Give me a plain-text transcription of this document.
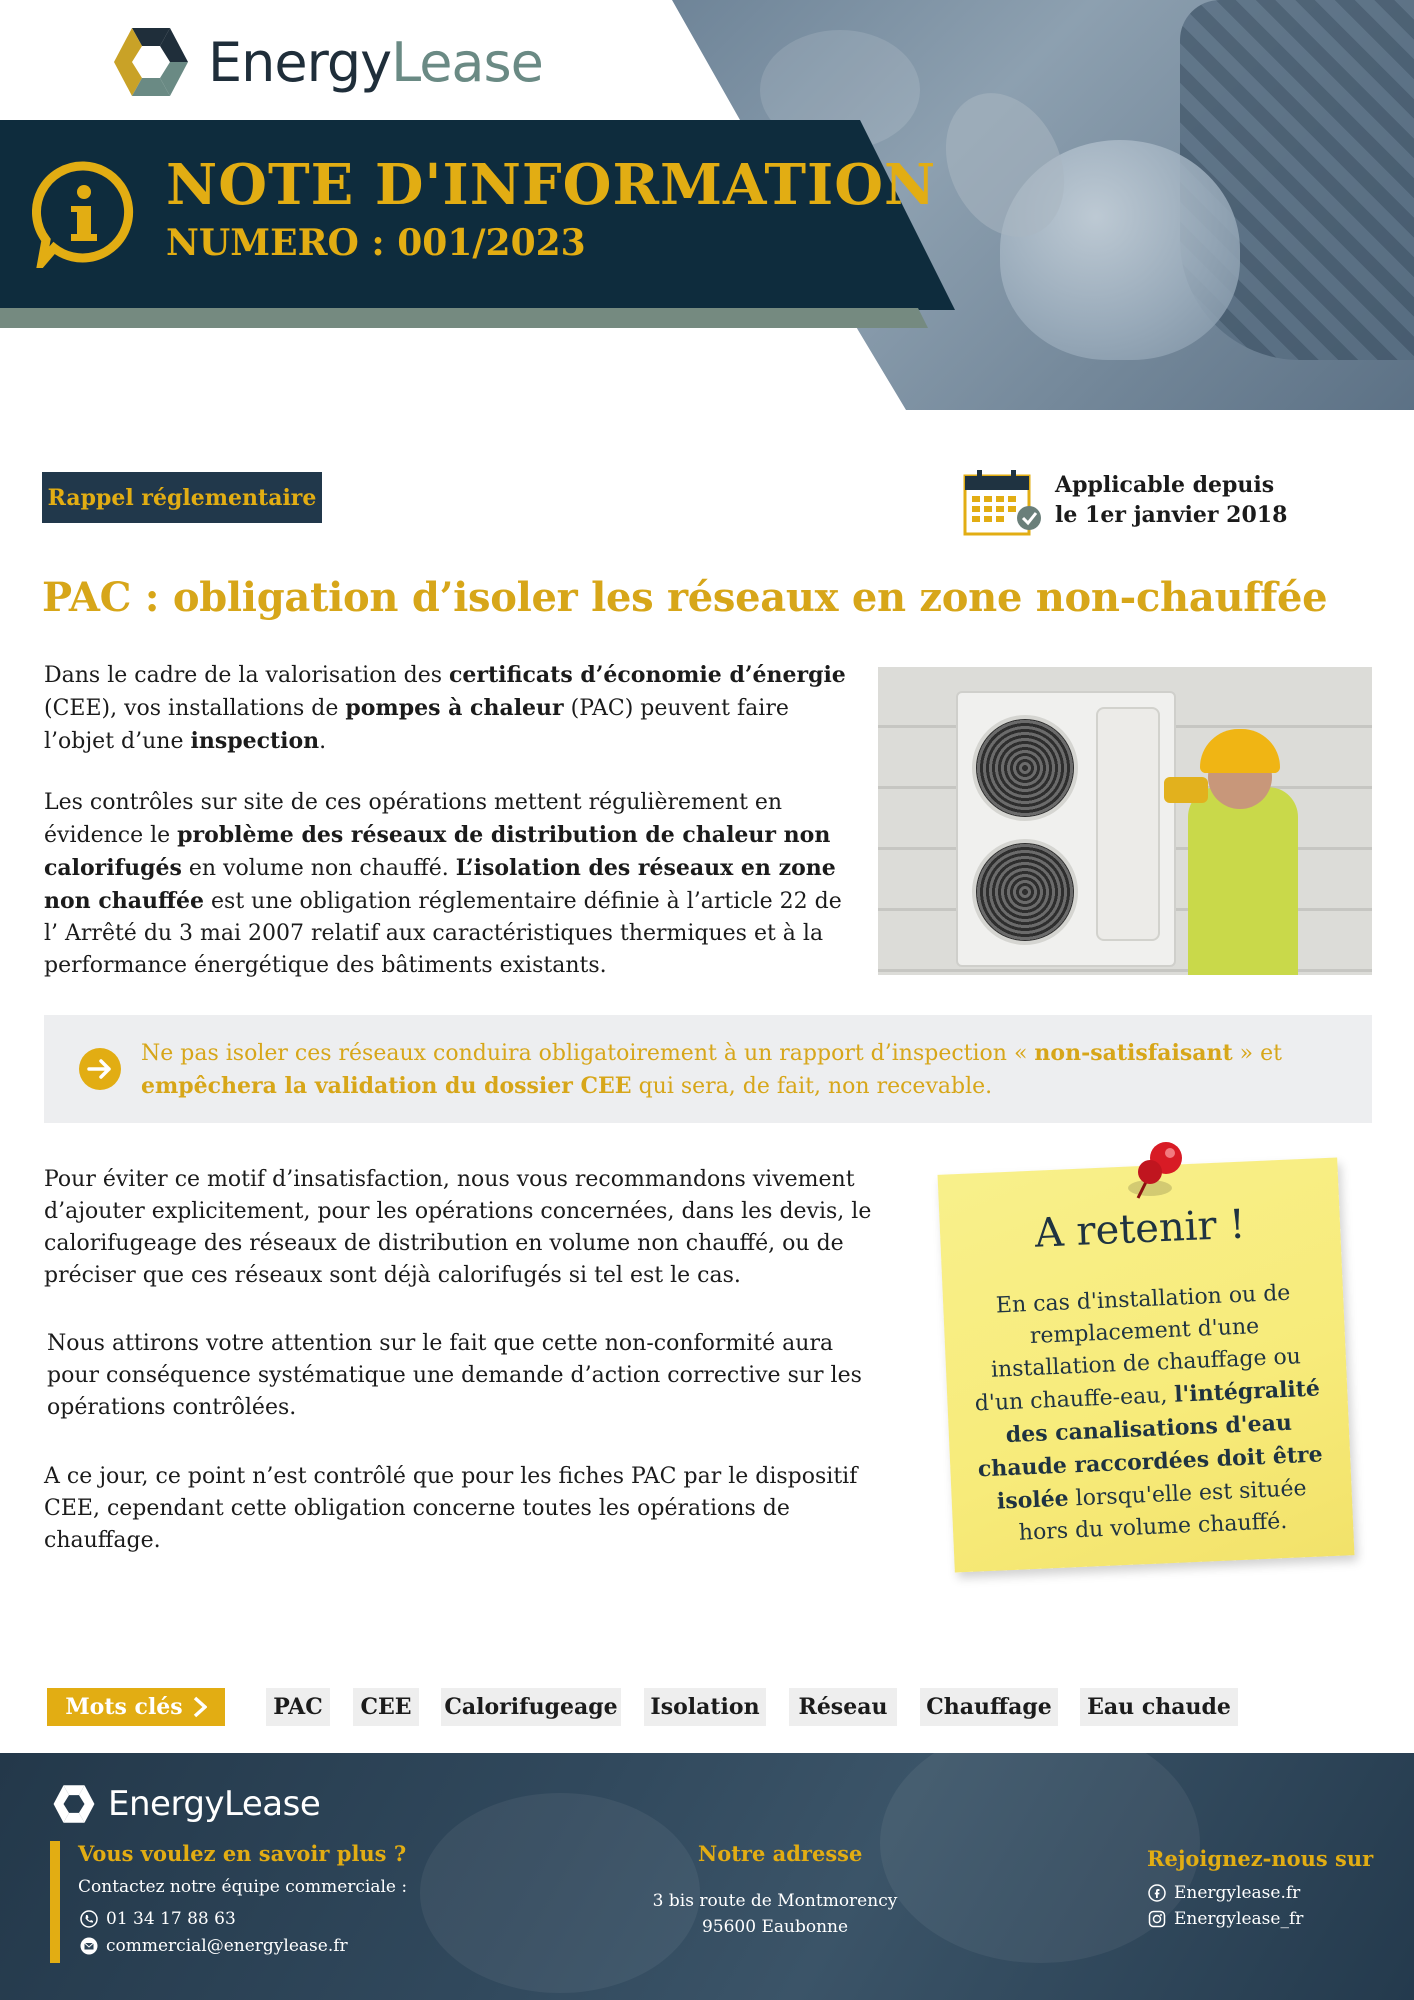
EnergyLease
NOTE D'INFORMATION
NUMERO : 001/2023
Rappel réglementaire	Applicable depuis
le 1er janvier 2018
PAC : obligation d’isoler les réseaux en zone non-chauffée

Dans le cadre de la valorisation des certificats d’économie d’énergie (CEE), vos installations de pompes à chaleur (PAC) peuvent faire l’objet d’une inspection.

Les contrôles sur site de ces opérations mettent régulièrement en évidence le problème des réseaux de distribution de chaleur non calorifugés en volume non chauffé. L’isolation des réseaux en zone non chauffée est une obligation réglementaire définie à l’article 22 de l’ Arrêté du 3 mai 2007 relatif aux caractéristiques thermiques et à la performance énergétique des bâtiments existants.

Ne pas isoler ces réseaux conduira obligatoirement à un rapport d’inspection « non-satisfaisant » et empêchera la validation du dossier CEE qui sera, de fait, non recevable.

Pour éviter ce motif d’insatisfaction, nous vous recommandons vivement d’ajouter explicitement, pour les opérations concernées, dans les devis, le calorifugeage des réseaux de distribution en volume non chauffé, ou de préciser que ces réseaux sont déjà calorifugés si tel est le cas.

Nous attirons votre attention sur le fait que cette non-conformité aura pour conséquence systématique une demande d’action corrective sur les opérations contrôlées.

A ce jour, ce point n’est contrôlé que pour les fiches PAC par le dispositif CEE, cependant cette obligation concerne toutes les opérations de chauffage.

A retenir !

En cas d'installation ou de remplacement d'une installation de chauffage ou d'un chauffe-eau, l'intégralité des canalisations d'eau chaude raccordées doit être isolée lorsqu'elle est située hors du volume chauffé.

Mots clés	PAC	CEE	Calorifugeage Isolation	Réseau	Chauffage	Eau chaude
EnergyLease
Vous voulez en savoir plus ?
Contactez notre équipe commerciale :
01 34 17 88 63
commercial@energylease.fr
Notre adresse
3 bis route de Montmorency
95600 Eaubonne
Rejoignez-nous sur
Energylease.fr
Energylease_fr
